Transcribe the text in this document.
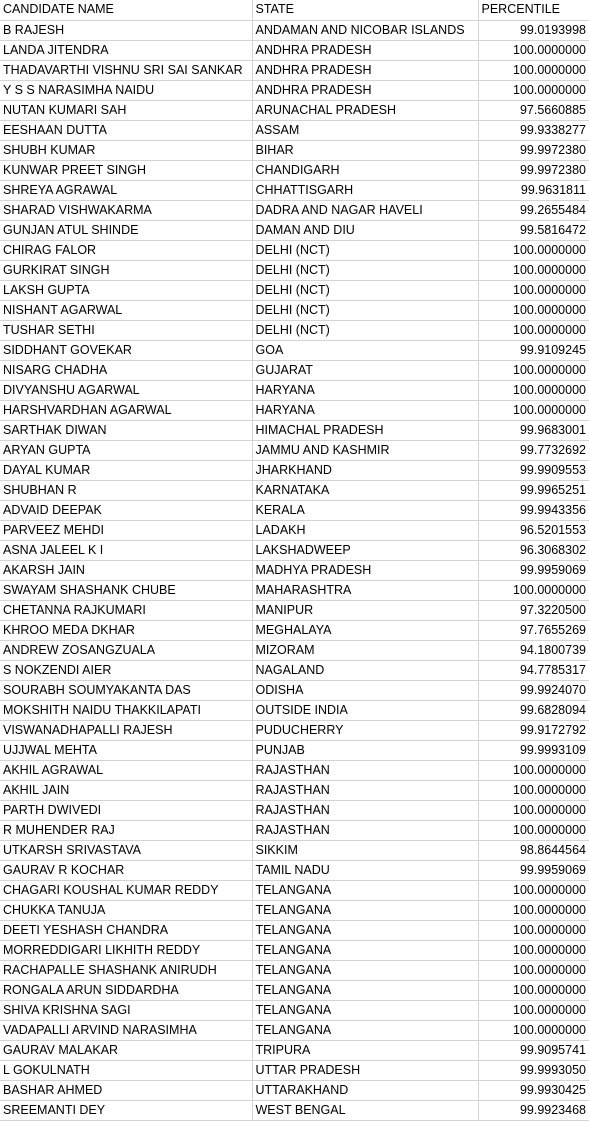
CANDIDATE NAME	STATE	PERCENTILE
B RAJESH	ANDAMAN AND NICOBAR ISLANDS	99.0193998
LANDA JITENDRA	ANDHRA PRADESH	100.0000000
THADAVARTHI VISHNU SRI SAI SANKAR	ANDHRA PRADESH	100.0000000
Y S S NARASIMHA NAIDU	ANDHRA PRADESH	100.0000000
NUTAN KUMARI SAH	ARUNACHAL PRADESH	97.5660885
EESHAAN DUTTA	ASSAM	99.9338277
SHUBH KUMAR	BIHAR	99.9972380
KUNWAR PREET SINGH	CHANDIGARH	99.9972380
SHREYA AGRAWAL	CHHATTISGARH	99.9631811
SHARAD VISHWAKARMA	DADRA AND NAGAR HAVELI	99.2655484
GUNJAN ATUL SHINDE	DAMAN AND DIU	99.5816472
CHIRAG FALOR	DELHI (NCT)	100.0000000
GURKIRAT SINGH	DELHI (NCT)	100.0000000
LAKSH GUPTA	DELHI (NCT)	100.0000000
NISHANT AGARWAL	DELHI (NCT)	100.0000000
TUSHAR SETHI	DELHI (NCT)	100.0000000
SIDDHANT GOVEKAR	GOA	99.9109245
NISARG CHADHA	GUJARAT	100.0000000
DIVYANSHU AGARWAL	HARYANA	100.0000000
HARSHVARDHAN AGARWAL	HARYANA	100.0000000
SARTHAK DIWAN	HIMACHAL PRADESH	99.9683001
ARYAN GUPTA	JAMMU AND KASHMIR	99.7732692
DAYAL KUMAR	JHARKHAND	99.9909553
SHUBHAN R	KARNATAKA	99.9965251
ADVAID DEEPAK	KERALA	99.9943356
PARVEEZ MEHDI	LADAKH	96.5201553
ASNA JALEEL K I	LAKSHADWEEP	96.3068302
AKARSH JAIN	MADHYA PRADESH	99.9959069
SWAYAM SHASHANK CHUBE	MAHARASHTRA	100.0000000
CHETANNA RAJKUMARI	MANIPUR	97.3220500
KHROO MEDA DKHAR	MEGHALAYA	97.7655269
ANDREW ZOSANGZUALA	MIZORAM	94.1800739
S NOKZENDI AIER	NAGALAND	94.7785317
SOURABH SOUMYAKANTA DAS	ODISHA	99.9924070
MOKSHITH NAIDU THAKKILAPATI	OUTSIDE INDIA	99.6828094
VISWANADHAPALLI RAJESH	PUDUCHERRY	99.9172792
UJJWAL MEHTA	PUNJAB	99.9993109
AKHIL AGRAWAL	RAJASTHAN	100.0000000
AKHIL JAIN	RAJASTHAN	100.0000000
PARTH DWIVEDI	RAJASTHAN	100.0000000
R MUHENDER RAJ	RAJASTHAN	100.0000000
UTKARSH SRIVASTAVA	SIKKIM	98.8644564
GAURAV R KOCHAR	TAMIL NADU	99.9959069
CHAGARI KOUSHAL KUMAR REDDY	TELANGANA	100.0000000
CHUKKA TANUJA	TELANGANA	100.0000000
DEETI YESHASH CHANDRA	TELANGANA	100.0000000
MORREDDIGARI LIKHITH REDDY	TELANGANA	100.0000000
RACHAPALLE SHASHANK ANIRUDH	TELANGANA	100.0000000
RONGALA ARUN SIDDARDHA	TELANGANA	100.0000000
SHIVA KRISHNA SAGI	TELANGANA	100.0000000
VADAPALLI ARVIND NARASIMHA	TELANGANA	100.0000000
GAURAV MALAKAR	TRIPURA	99.9095741
L GOKULNATH	UTTAR PRADESH	99.9993050
BASHAR AHMED	UTTARAKHAND	99.9930425
SREEMANTI DEY	WEST BENGAL	99.9923468
